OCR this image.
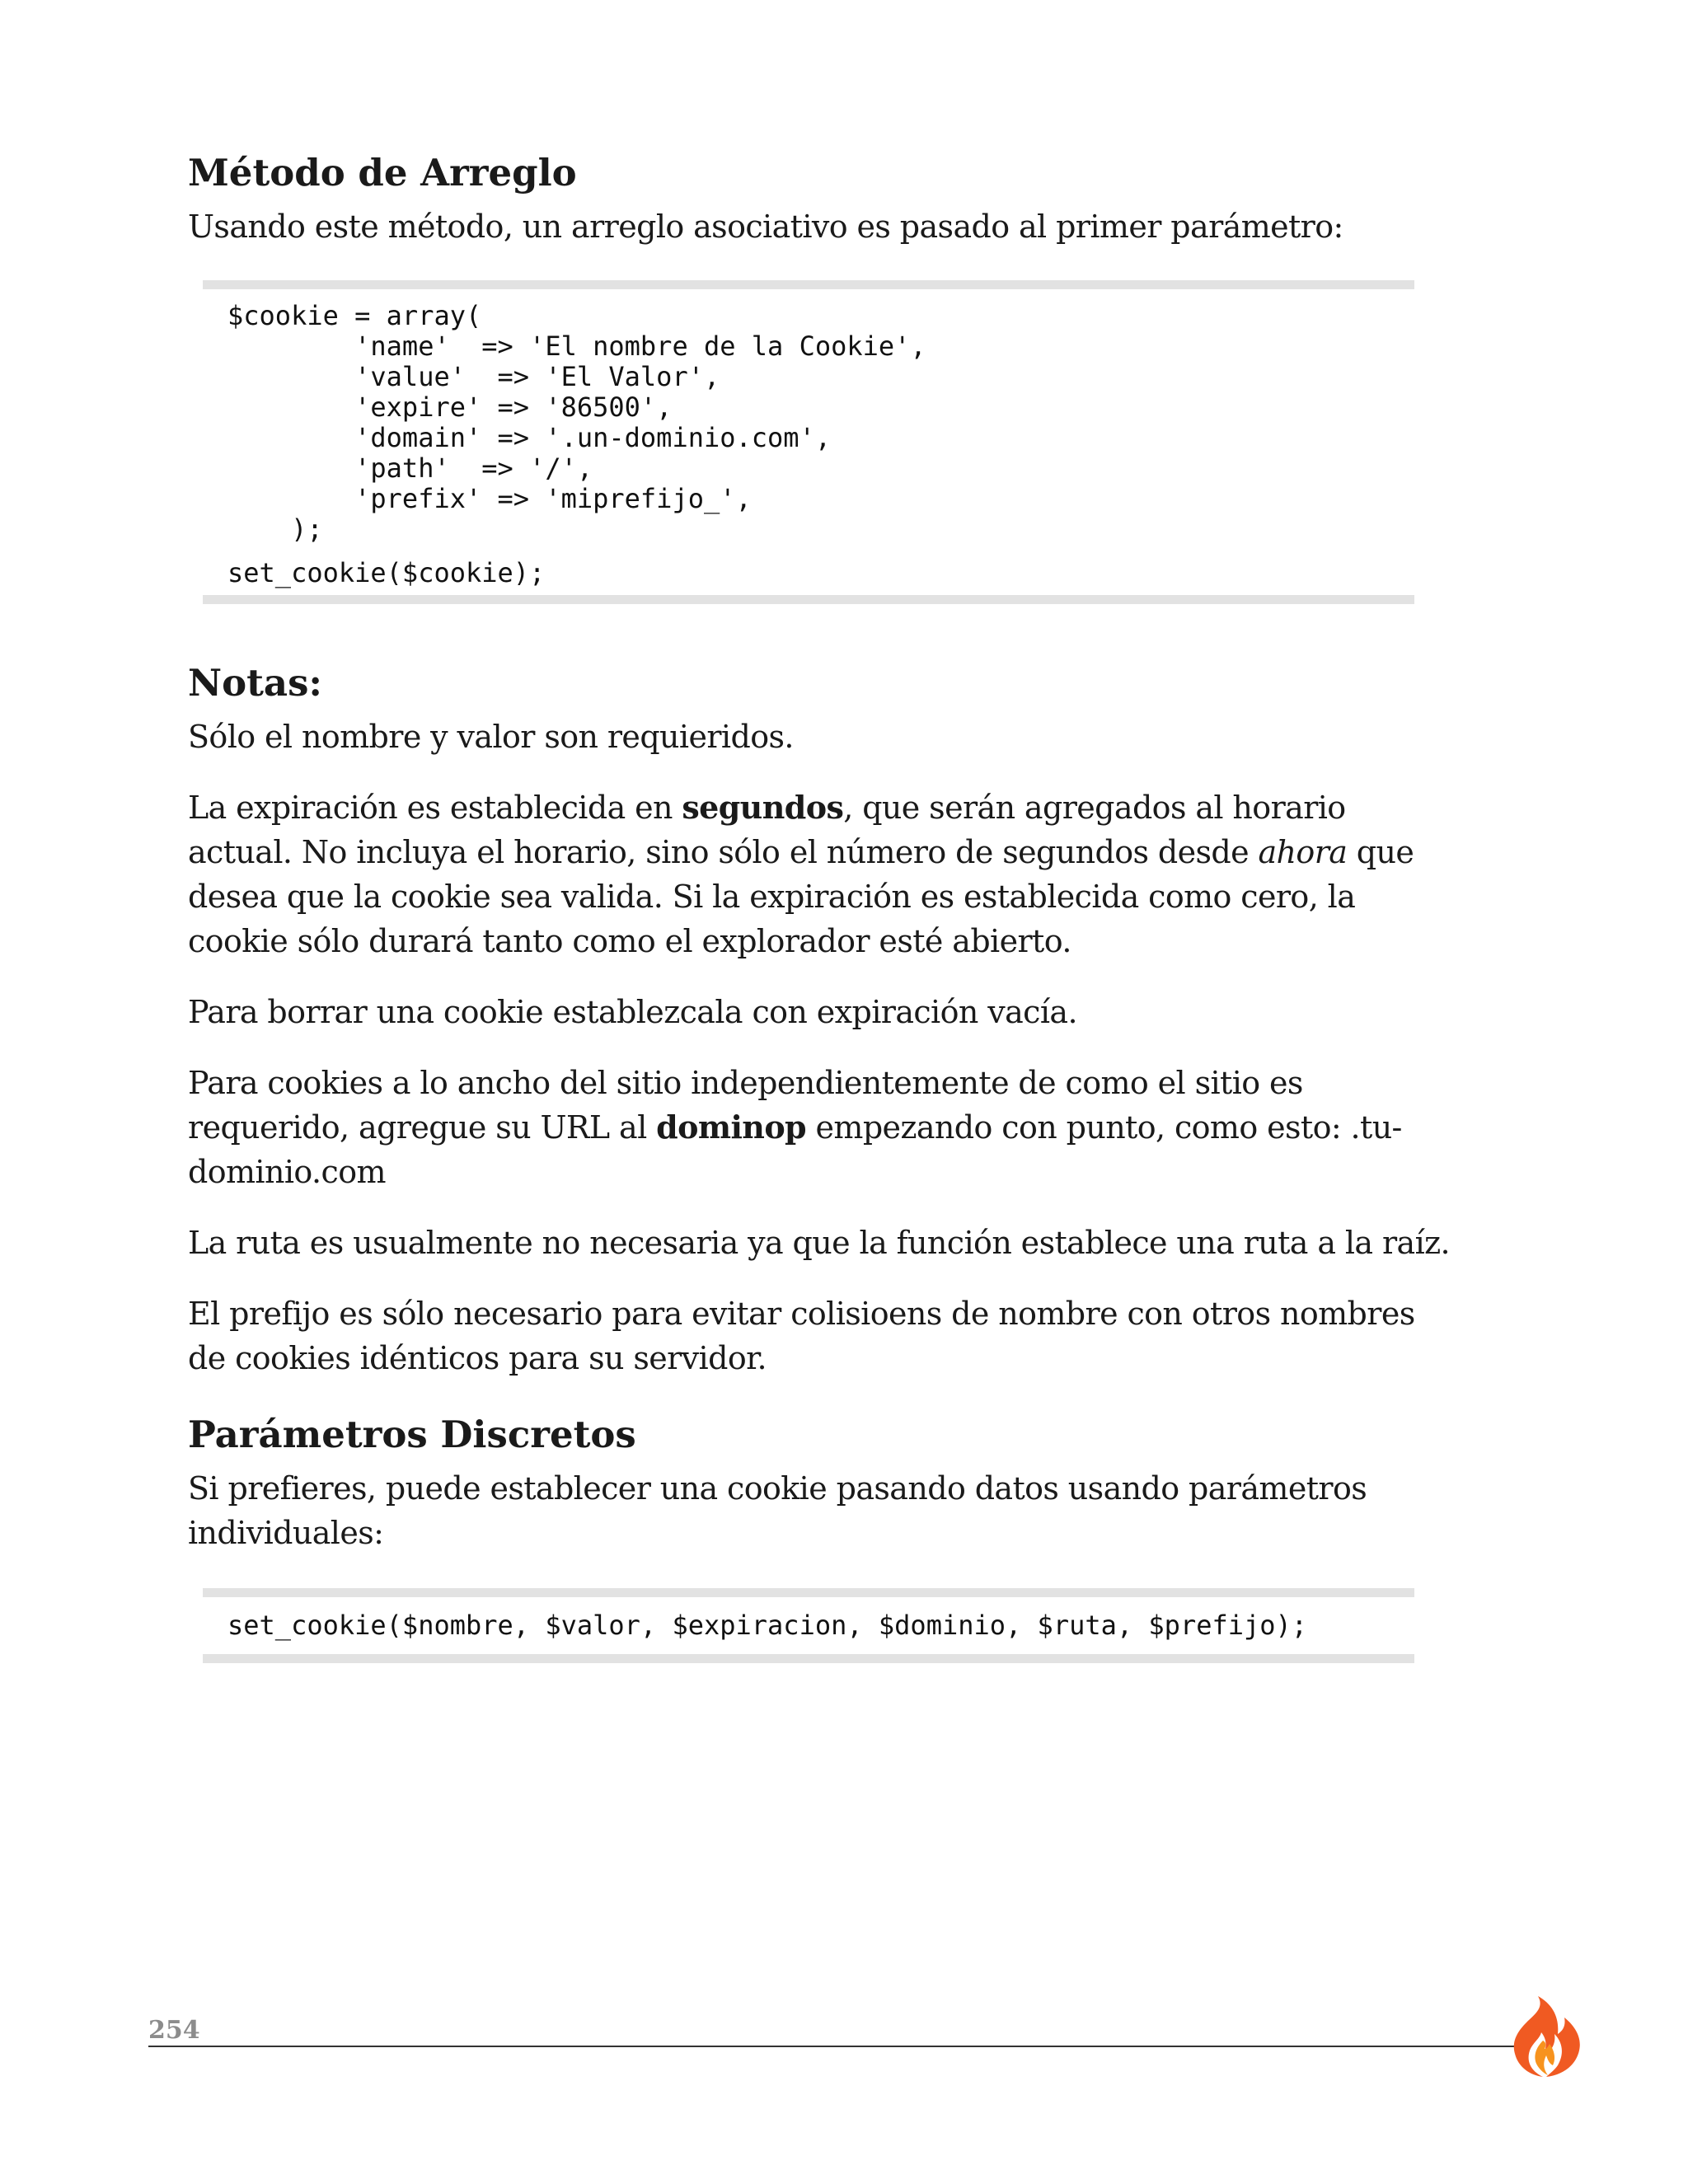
Método de Arreglo

Usando este método, un arreglo asociativo es pasado al primer parámetro:

$cookie = array(
'name'  => 'El nombre de la Cookie',
'value'  => 'El Valor',
'expire' => '86500',
'domain' => '.un-dominio.com',
'path'  => '/',
'prefix' => 'miprefijo_',
);
set_cookie($cookie);
Notas:

Sólo el nombre y valor son requieridos.

La expiración es establecida en segundos, que serán agregados al horario actual. No incluya el horario, sino sólo el número de segundos desde ahora que desea que la cookie sea valida. Si la expiración es establecida como cero, la cookie sólo durará tanto como el explorador esté abierto.

Para borrar una cookie establezcala con expiración vacía.

Para cookies a lo ancho del sitio independientemente de como el sitio es requerido, agregue su URL al dominop empezando con punto, como esto: .tu-dominio.com

La ruta es usualmente no necesaria ya que la función establece una ruta a la raíz.

El prefijo es sólo necesario para evitar colisioens de nombre con otros nombres de cookies idénticos para su servidor.

Parámetros Discretos

Si prefieres, puede establecer una cookie pasando datos usando parámetros individuales:

set_cookie($nombre, $valor, $expiracion, $dominio, $ruta, $prefijo);
254
